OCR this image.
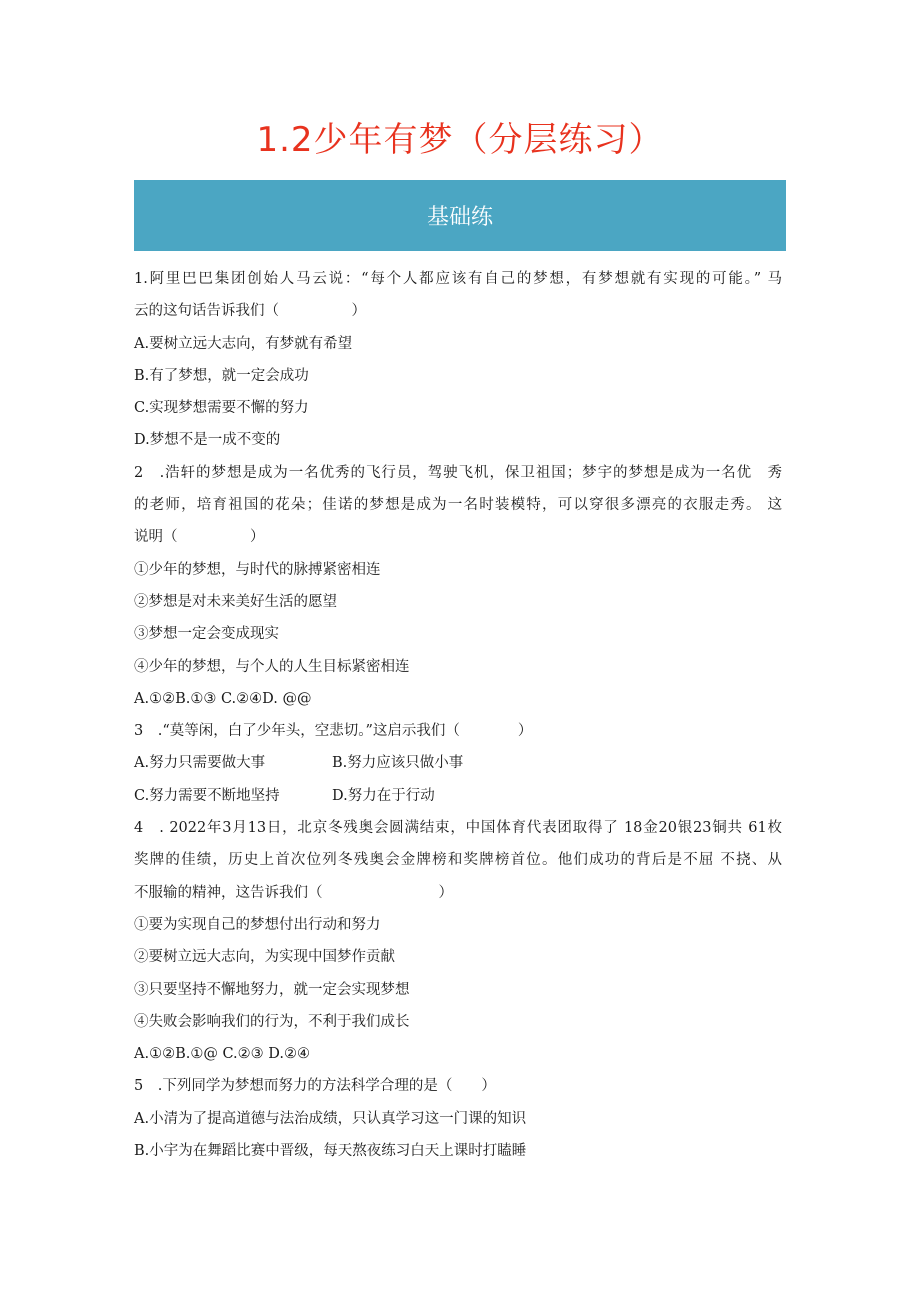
1.2少年有梦（分层练习）
基础练
1.阿里巴巴集团创始人马云说：“每个人都应该有自己的梦想，有梦想就有实现的可能。” 马
云的这句话告诉我们（　　　　　）
A.要树立远大志向，有梦就有希望
B.有了梦想，就一定会成功
C.实现梦想需要不懈的努力
D.梦想不是一成不变的
2　.浩轩的梦想是成为一名优秀的飞行员，驾驶飞机，保卫祖国；梦宇的梦想是成为一名优　秀
的老师，培育祖国的花朵；佳诺的梦想是成为一名时装模特，可以穿很多漂亮的衣服走秀。 这
说明（　　　　　）
①少年的梦想，与时代的脉搏紧密相连
②梦想是对未来美好生活的愿望
③梦想一定会变成现实
④少年的梦想，与个人的人生目标紧密相连
A.①②B.①③ C.②④D. @@
3　.“莫等闲，白了少年头，空悲切。”这启示我们（　　　　）
A.努力只需要做大事	B.努力应该只做小事
C.努力需要不断地坚持	D.努力在于行动
4　. 2022年3月13日，北京冬残奥会圆满结束，中国体育代表团取得了 18金20银23铜共 61枚
奖牌的佳绩，历史上首次位列冬残奥会金牌榜和奖牌榜首位。他们成功的背后是不屈 不挠、从
不服输的精神，这告诉我们（　　　　　　　　）
①要为实现自己的梦想付出行动和努力
②要树立远大志向，为实现中国梦作贡献
③只要坚持不懈地努力，就一定会实现梦想
④失败会影响我们的行为，不利于我们成长
A.①②B.①@ C.②③ D.②④
5　.下列同学为梦想而努力的方法科学合理的是（　　）
A.小清为了提高道德与法治成绩，只认真学习这一门课的知识
B.小宇为在舞蹈比赛中晋级，每天熬夜练习白天上课时打瞌睡
